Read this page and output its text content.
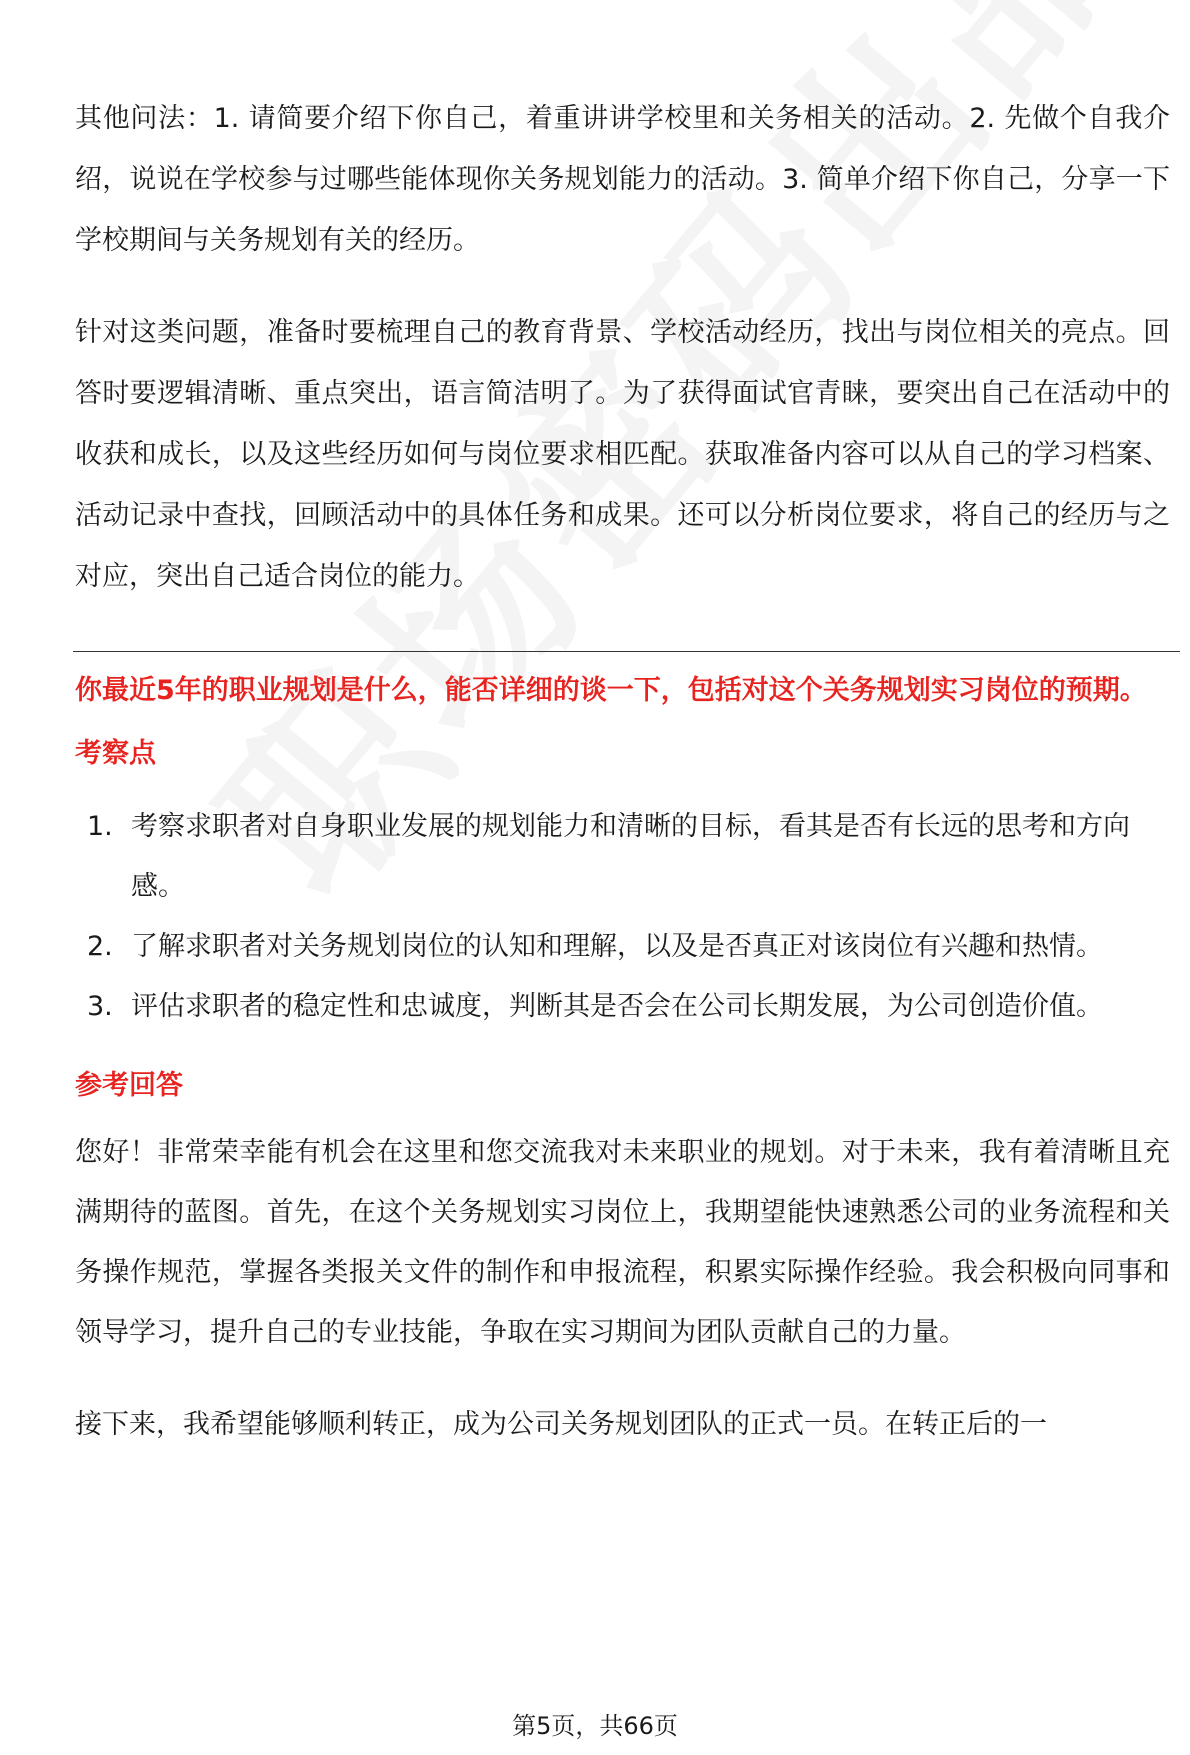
其他问法：1. 请简要介绍下你自己，着重讲讲学校里和关务相关的活动。2. 先做个自我介绍，说说在学校参与过哪些能体现你关务规划能力的活动。3. 简单介绍下你自己，分享一下学校期间与关务规划有关的经历。

针对这类问题，准备时要梳理自己的教育背景、学校活动经历，找出与岗位相关的亮点。回答时要逻辑清晰、重点突出，语言简洁明了。为了获得面试官青睐，要突出自己在活动中的收获和成长，以及这些经历如何与岗位要求相匹配。获取准备内容可以从自己的学习档案、活动记录中查找，回顾活动中的具体任务和成果。还可以分析岗位要求，将自己的经历与之对应，突出自己适合岗位的能力。

你最近5年的职业规划是什么，能否详细的谈一下，包括对这个关务规划实习岗位的预期。

考察点
1. 考察求职者对自身职业发展的规划能力和清晰的目标，看其是否有长远的思考和方向感。
2. 了解求职者对关务规划岗位的认知和理解，以及是否真正对该岗位有兴趣和热情。
3. 评估求职者的稳定性和忠诚度，判断其是否会在公司长期发展，为公司创造价值。
参考回答

您好！非常荣幸能有机会在这里和您交流我对未来职业的规划。对于未来，我有着清晰且充满期待的蓝图。首先，在这个关务规划实习岗位上，我期望能快速熟悉公司的业务流程和关务操作规范，掌握各类报关文件的制作和申报流程，积累实际操作经验。我会积极向同事和领导学习，提升自己的专业技能，争取在实习期间为团队贡献自己的力量。

接下来，我希望能够顺利转正，成为公司关务规划团队的正式一员。在转正后的一

第5页，共66页
